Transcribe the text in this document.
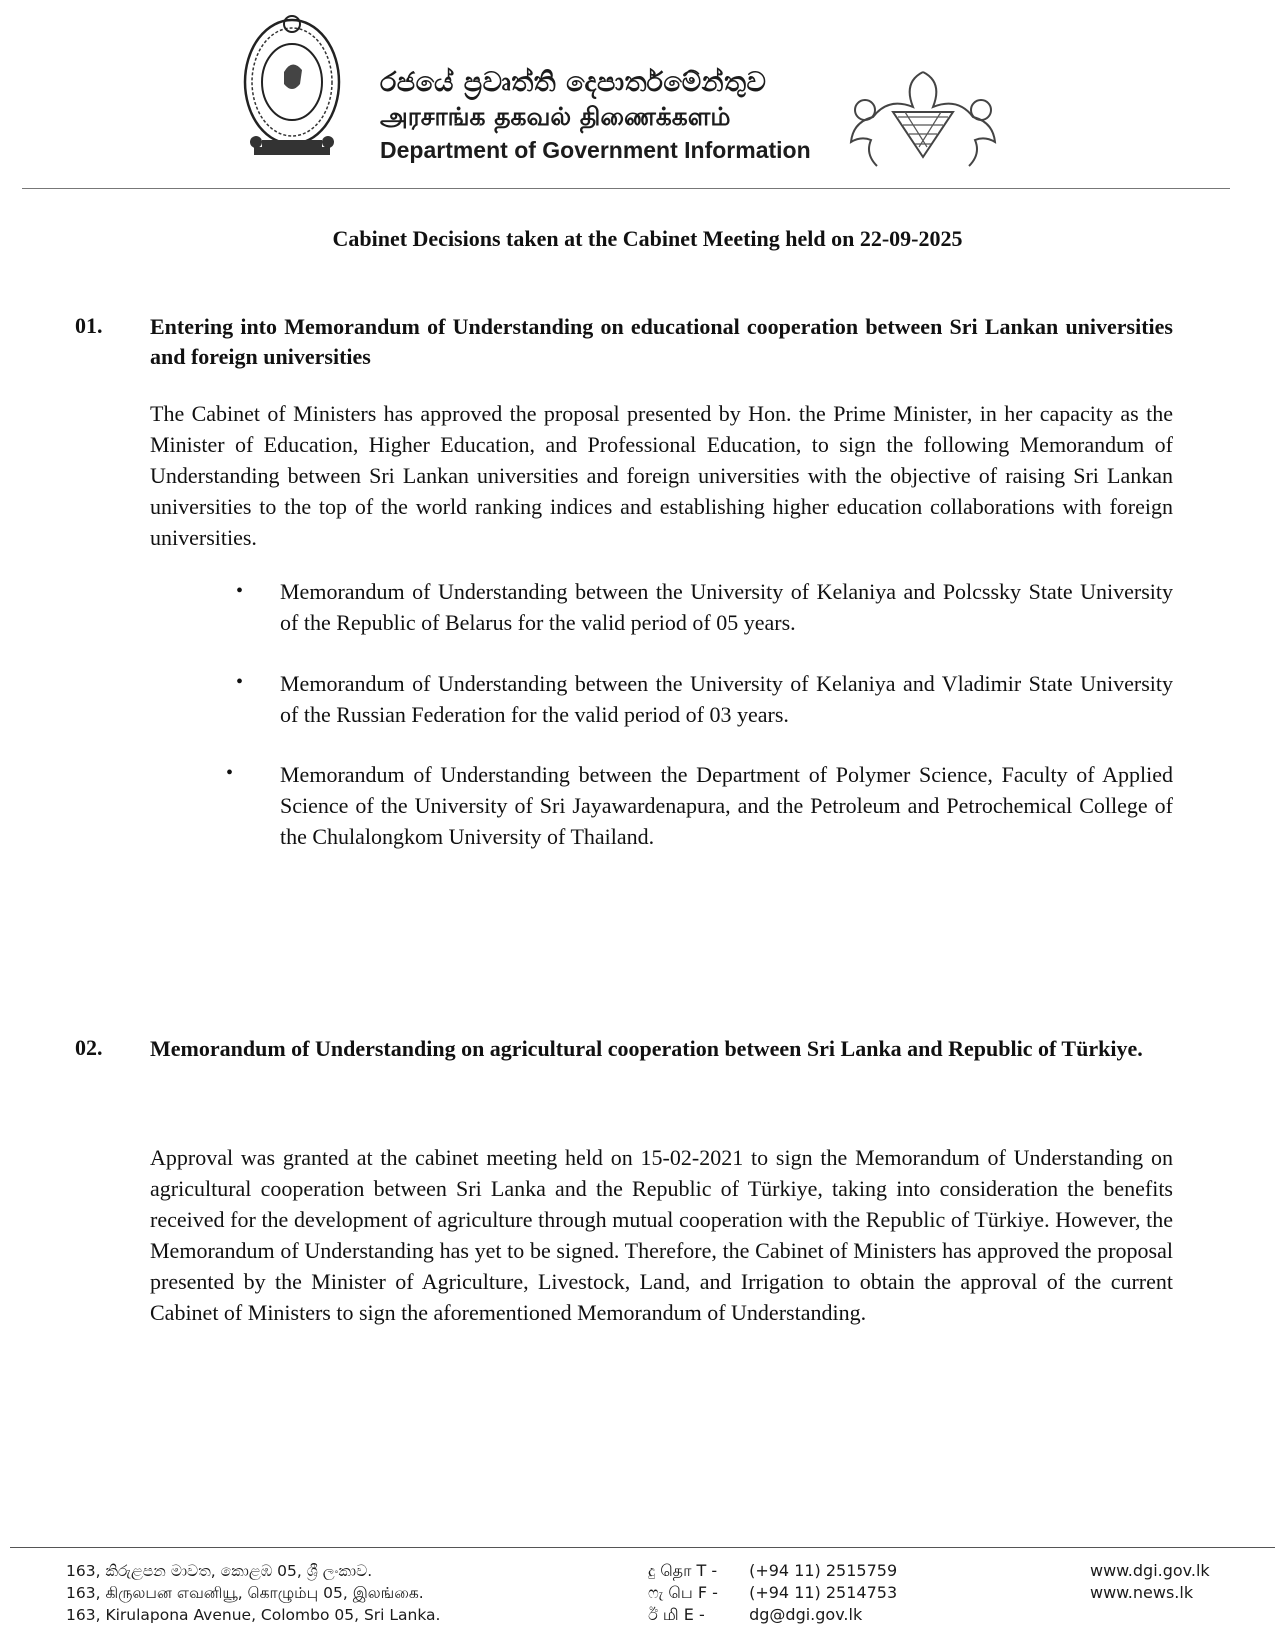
රජයේ ප්‍රවෘත්ති දෙපාර්තමේන්තුව
அரசாங்க தகவல் திணைக்களம்
Department of Government Information
Cabinet Decisions taken at the Cabinet Meeting held on 22-09-2025
01. Entering into Memorandum of Understanding on educational cooperation between Sri Lankan universities and foreign universities
The Cabinet of Ministers has approved the proposal presented by Hon. the Prime Minister, in her capacity as the Minister of Education, Higher Education, and Professional Education, to sign the following Memorandum of Understanding between Sri Lankan universities and foreign universities with the objective of raising Sri Lankan universities to the top of the world ranking indices and establishing higher education collaborations with foreign universities.
• Memorandum of Understanding between the University of Kelaniya and Polcssky State University of the Republic of Belarus for the valid period of 05 years.
• Memorandum of Understanding between the University of Kelaniya and Vladimir State University of the Russian Federation for the valid period of 03 years.
• Memorandum of Understanding between the Department of Polymer Science, Faculty of Applied Science of the University of Sri Jayawardenapura, and the Petroleum and Petrochemical College of the Chulalongkom University of Thailand.
02. Memorandum of Understanding on agricultural cooperation between Sri Lanka and Republic of Türkiye.
Approval was granted at the cabinet meeting held on 15-02-2021 to sign the Memorandum of Understanding on agricultural cooperation between Sri Lanka and the Republic of Türkiye, taking into consideration the benefits received for the development of agriculture through mutual cooperation with the Republic of Türkiye. However, the Memorandum of Understanding has yet to be signed. Therefore, the Cabinet of Ministers has approved the proposal presented by the Minister of Agriculture, Livestock, Land, and Irrigation to obtain the approval of the current Cabinet of Ministers to sign the aforementioned Memorandum of Understanding.
163, කිරුළපන මාවත, කොළඹ 05, ශ්‍රී ලංකාව.
163, கிருலபன எவனியூ, கொழும்பு 05, இலங்கை.
163, Kirulapona Avenue, Colombo 05, Sri Lanka.
දු தொ T - (+94 11) 2515759
ෆැ பெ F - (+94 11) 2514753
ඊ மி E -	dg@dgi.gov.lk
www.dgi.gov.lk
www.news.lk
